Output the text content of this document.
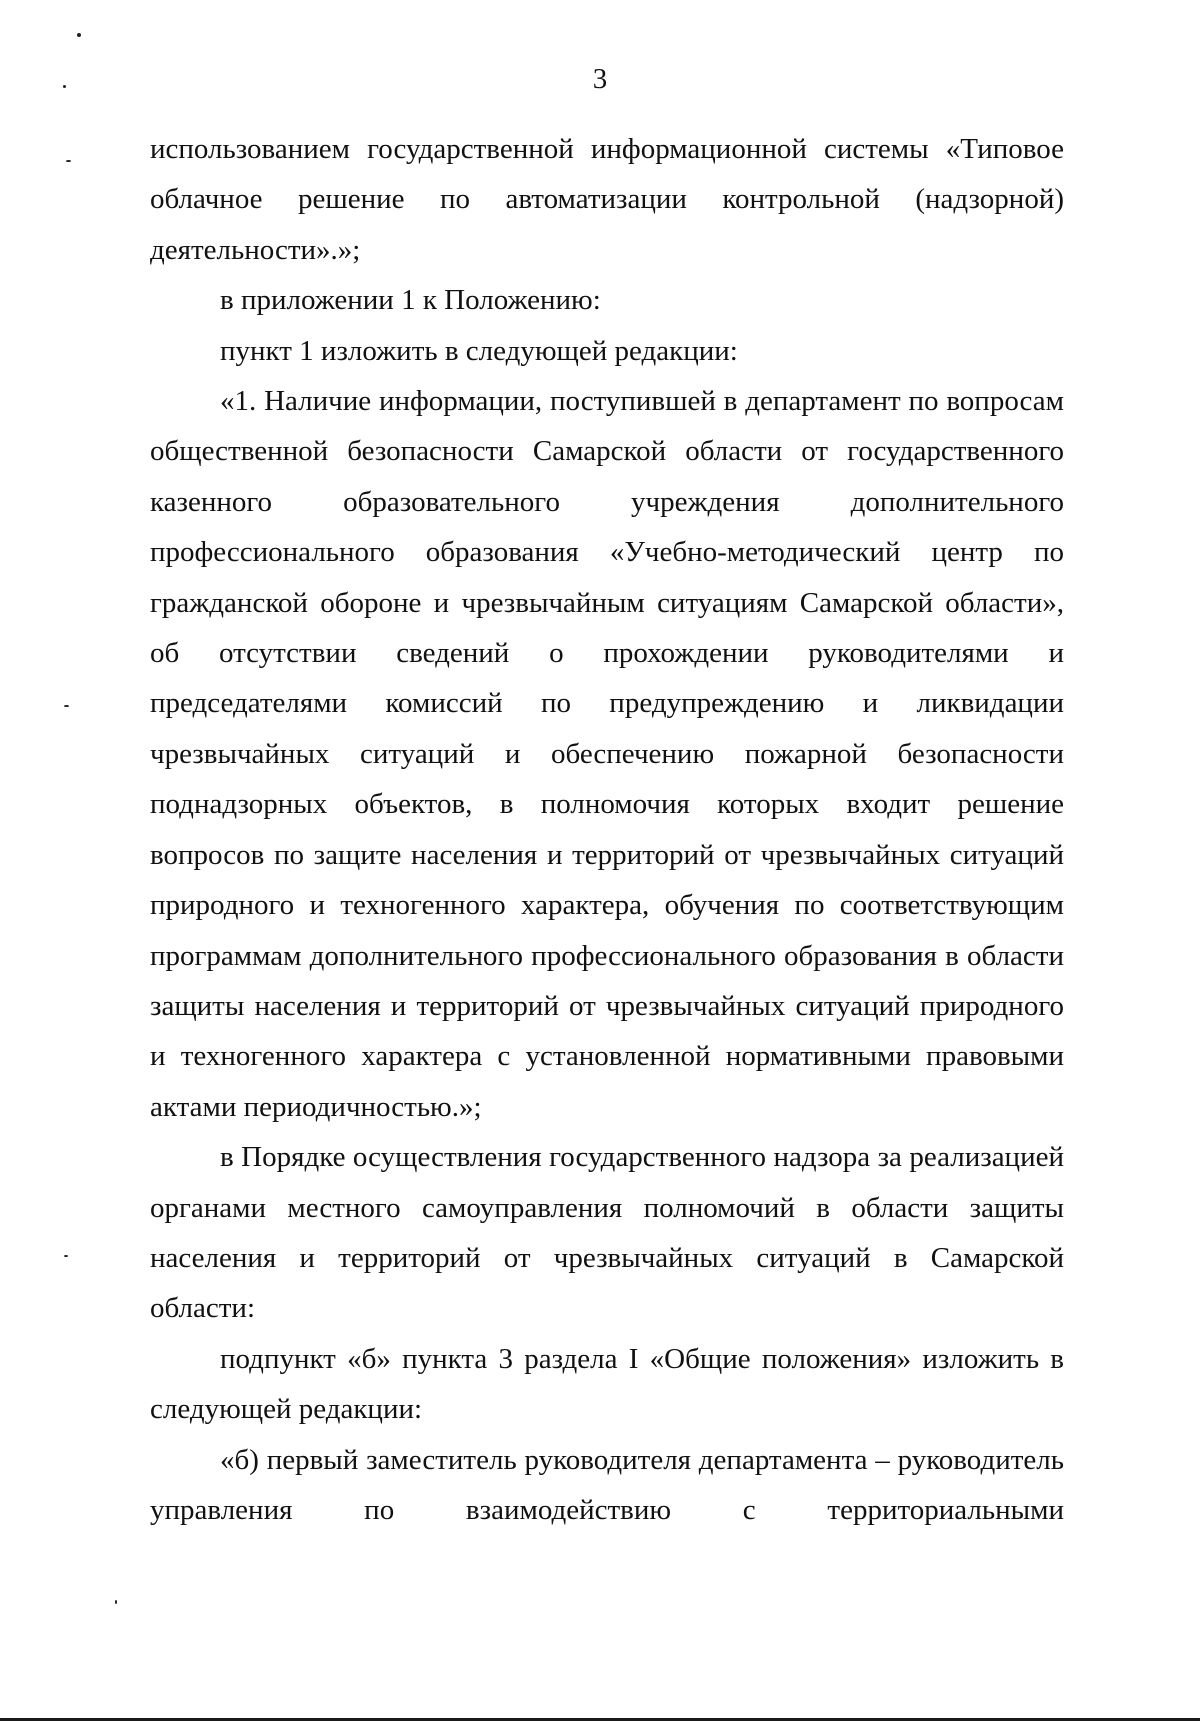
3

использованием государственной информационной системы «Типовое облачное решение по автоматизации контрольной (надзорной) деятельности».»;

в приложении 1 к Положению:

пункт 1 изложить в следующей редакции:

«1. Наличие информации, поступившей в департамент по вопросам общественной безопасности Самарской области от государственного казенного образовательного учреждения дополнительного профессионального образования «Учебно-методический центр по гражданской обороне и чрезвычайным ситуациям Самарской области», об отсутствии сведений о прохождении руководителями и председателями комиссий по предупреждению и ликвидации чрезвычайных ситуаций и обеспечению пожарной безопасности поднадзорных объектов, в полномочия которых входит решение вопросов по защите населения и территорий от чрезвычайных ситуаций природного и техногенного характера, обучения по соответствующим программам дополнительного профессионального образования в области защиты населения и территорий от чрезвычайных ситуаций природного и техногенного характера с установленной нормативными правовыми актами периодичностью.»;

в Порядке осуществления государственного надзора за реализацией органами местного самоуправления полномочий в области защиты населения и территорий от чрезвычайных ситуаций в Самарской области:

подпункт «б» пункта 3 раздела I «Общие положения» изложить в следующей редакции:

«б) первый заместитель руководителя департамента – руководитель управления по взаимодействию с территориальными
